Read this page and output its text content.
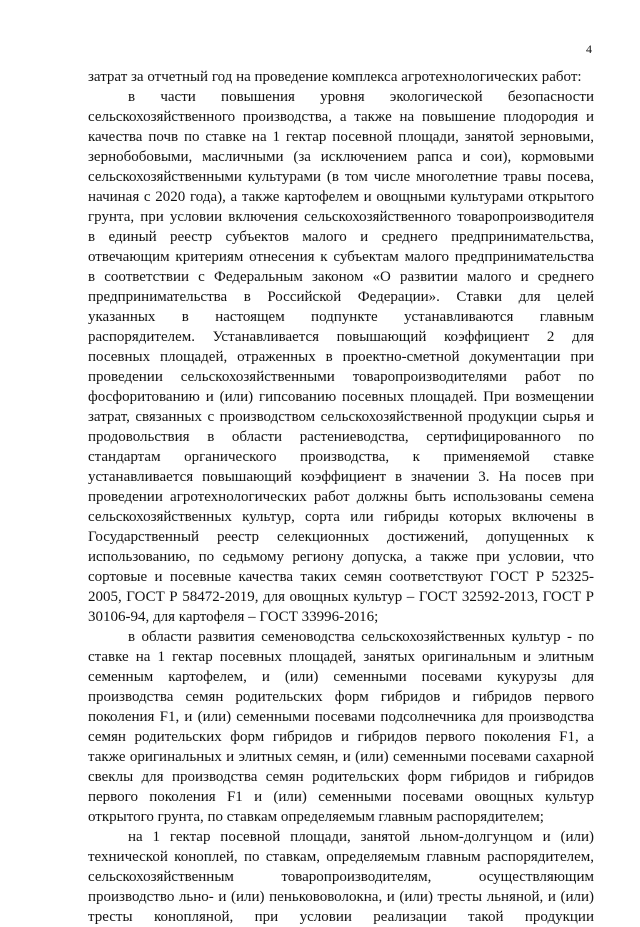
4
затрат за отчетный год на проведение комплекса агротехнологических работ:
в части повышения уровня экологической безопасности
сельскохозяйственного производства, а также на повышение плодородия и
качества почв по ставке на 1 гектар посевной площади, занятой зерновыми,
зернобобовыми, масличными (за исключением рапса и сои), кормовыми
сельскохозяйственными культурами (в том числе многолетние травы посева,
начиная с 2020 года), а также картофелем и овощными культурами открытого
грунта, при условии включения сельскохозяйственного товаропроизводителя
в единый реестр субъектов малого и среднего предпринимательства,
отвечающим критериям отнесения к субъектам малого предпринимательства
в соответствии с Федеральным законом «О развитии малого и среднего
предпринимательства в Российской Федерации». Ставки для целей
указанных в настоящем подпункте устанавливаются главным
распорядителем. Устанавливается повышающий коэффициент 2 для
посевных площадей, отраженных в проектно-сметной документации при
проведении сельскохозяйственными товаропроизводителями работ по
фосфоритованию и (или) гипсованию посевных площадей. При возмещении
затрат, связанных с производством сельскохозяйственной продукции сырья и
продовольствия в области растениеводства, сертифицированного по
стандартам органического производства, к применяемой ставке
устанавливается повышающий коэффициент в значении 3. На посев при
проведении агротехнологических работ должны быть использованы семена
сельскохозяйственных культур, сорта или гибриды которых включены в
Государственный реестр селекционных достижений, допущенных к
использованию, по седьмому региону допуска, а также при условии, что
сортовые и посевные качества таких семян соответствуют ГОСТ Р 52325-
2005, ГОСТ Р 58472-2019, для овощных культур – ГОСТ 32592-2013, ГОСТ Р
30106-94, для картофеля – ГОСТ 33996-2016;
в области развития семеноводства сельскохозяйственных культур - по
ставке на 1 гектар посевных площадей, занятых оригинальным и элитным
семенным картофелем, и (или) семенными посевами кукурузы для
производства семян родительских форм гибридов и гибридов первого
поколения F1, и (или) семенными посевами подсолнечника для производства
семян родительских форм гибридов и гибридов первого поколения F1, а
также оригинальных и элитных семян, и (или) семенными посевами сахарной
свеклы для производства семян родительских форм гибридов и гибридов
первого поколения F1 и (или) семенными посевами овощных культур
открытого грунта, по ставкам определяемым главным распорядителем;
на 1 гектар посевной площади, занятой льном-долгунцом и (или)
технической коноплей, по ставкам, определяемым главным распорядителем,
сельскохозяйственным товаропроизводителям, осуществляющим
производство льно- и (или) пенькововолокна, и (или) тресты льняной, и (или)
тресты конопляной, при условии реализации такой продукции
